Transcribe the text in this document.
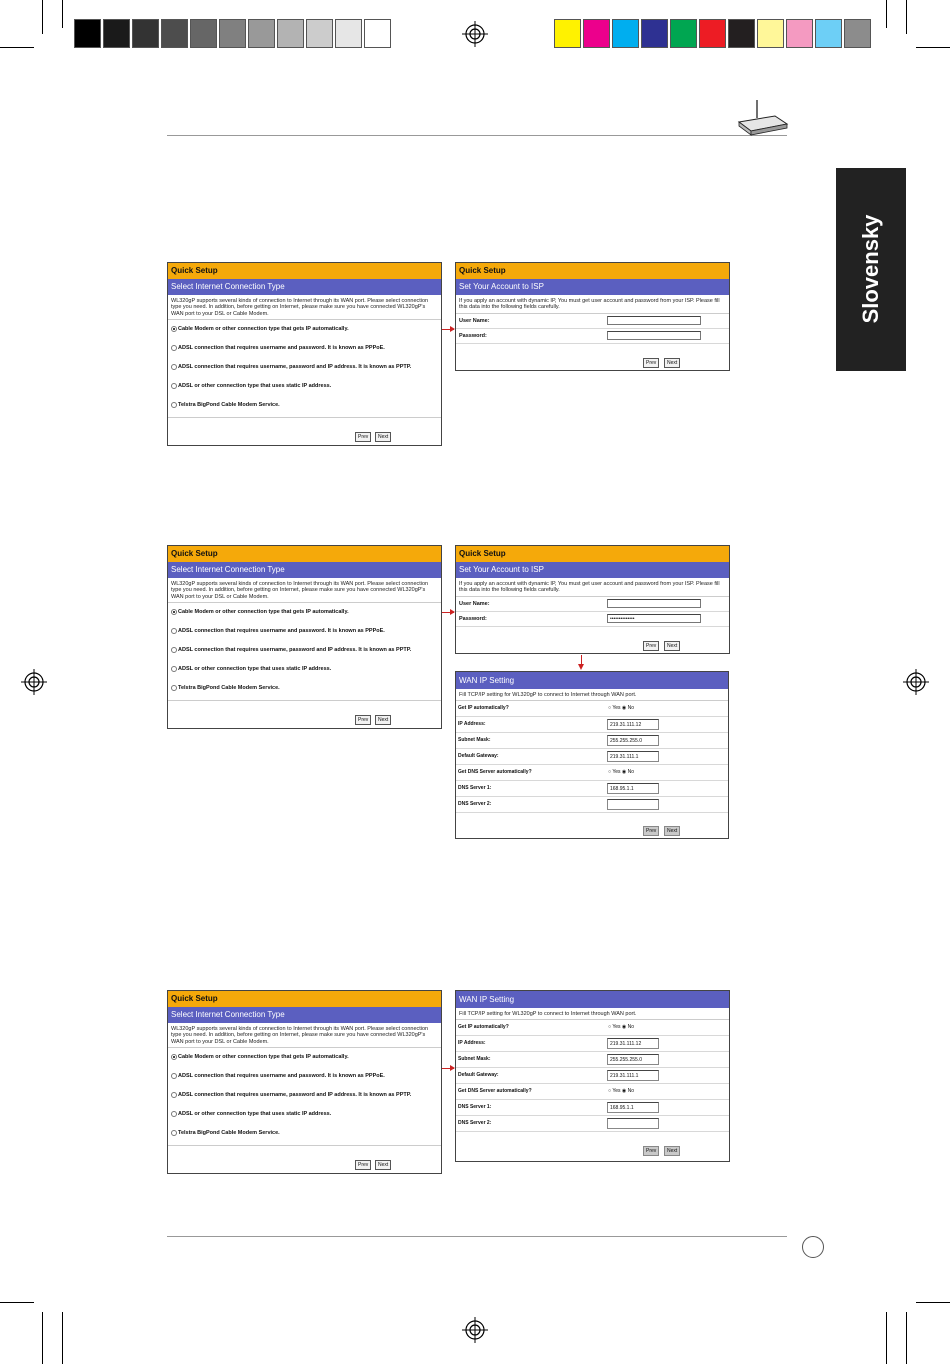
Slovensky
Quick Setup
Select Internet Connection Type
WL320gP supports several kinds of connection to Internet through its WAN port. Please select connection type you need. In addition, before getting on Internet, please make sure you have connected WL320gP's WAN port to your DSL or Cable Modem.
Cable Modem or other connection type that gets IP automatically.
ADSL connection that requires username and password. It is known as PPPoE.
ADSL connection that requires username, password and IP address. It is known as PPTP.
ADSL or other connection type that uses static IP address.
Telstra BigPond Cable Modem Service.
Prev	Next
Quick Setup
Set Your Account to ISP
If you apply an account with dynamic IP, You must get user account and password from your ISP. Please fill this data into the following fields carefully.
User Name:
Password:
Prev	Next
Quick Setup
Select Internet Connection Type
WL320gP supports several kinds of connection to Internet through its WAN port. Please select connection type you need. In addition, before getting on Internet, please make sure you have connected WL320gP's WAN port to your DSL or Cable Modem.
Cable Modem or other connection type that gets IP automatically.
ADSL connection that requires username and password. It is known as PPPoE.
ADSL connection that requires username, password and IP address. It is known as PPTP.
ADSL or other connection type that uses static IP address.
Telstra BigPond Cable Modem Service.
Prev	Next
Quick Setup
Set Your Account to ISP
If you apply an account with dynamic IP, You must get user account and password from your ISP. Please fill this data into the following fields carefully.
User Name:
Password:	••••••••••••••
Prev	Next
WAN IP Setting
Fill TCP/IP setting for WL320gP to connect to Internet through WAN port.
Get IP automatically?	○ Yes ◉ No
IP Address:	219.31.111.12
Subnet Mask:	255.255.255.0
Default Gateway:	219.31.111.1
Get DNS Server automatically?	○ Yes ◉ No
DNS Server 1:	168.95.1.1
DNS Server 2:
Prev	Next
Quick Setup
Select Internet Connection Type
WL320gP supports several kinds of connection to Internet through its WAN port. Please select connection type you need. In addition, before getting on Internet, please make sure you have connected WL320gP's WAN port to your DSL or Cable Modem.
Cable Modem or other connection type that gets IP automatically.
ADSL connection that requires username and password. It is known as PPPoE.
ADSL connection that requires username, password and IP address. It is known as PPTP.
ADSL or other connection type that uses static IP address.
Telstra BigPond Cable Modem Service.
Prev	Next
WAN IP Setting
Fill TCP/IP setting for WL320gP to connect to Internet through WAN port.
Get IP automatically?	○ Yes ◉ No
IP Address:	219.31.111.12
Subnet Mask:	255.255.255.0
Default Gateway:	219.31.111.1
Get DNS Server automatically?	○ Yes ◉ No
DNS Server 1:	168.95.1.1
DNS Server 2:
Prev	Next
